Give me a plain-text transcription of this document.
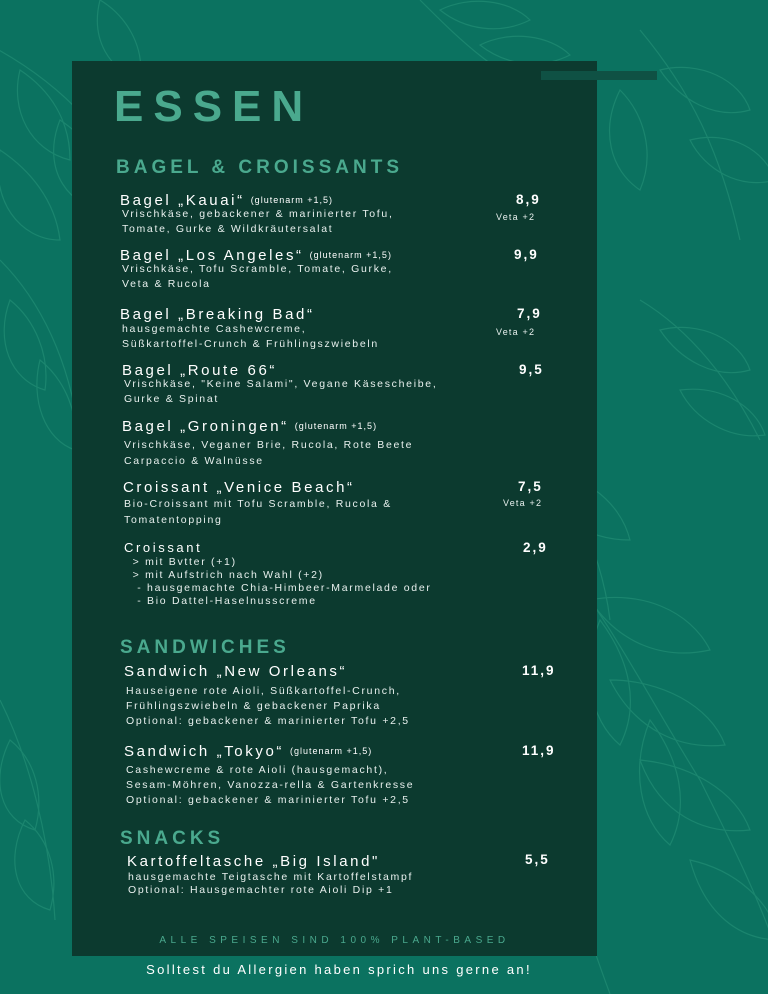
ESSEN
BAGEL & CROISSANTS
Bagel „Kauai“ (glutenarm +1,5)
Vrischkäse, gebackener & marinierter Tofu,
Tomate, Gurke & Wildkräutersalat
8,9
Veta +2
Bagel „Los Angeles“ (glutenarm +1,5)
Vrischkäse, Tofu Scramble, Tomate, Gurke,
Veta & Rucola
9,9
Bagel „Breaking Bad“
hausgemachte Cashewcreme,
Süßkartoffel-Crunch & Frühlingszwiebeln
7,9
Veta +2
Bagel „Route 66“
Vrischkäse, "Keine Salami", Vegane Käsescheibe,
Gurke & Spinat
9,5
Bagel „Groningen“ (glutenarm +1,5)
Vrischkäse, Veganer Brie, Rucola, Rote Beete
Carpaccio & Walnüsse
Croissant „Venice Beach“
Bio-Croissant mit Tofu Scramble, Rucola &
Tomatentopping
7,5
Veta +2
Croissant
> mit Bvtter (+1)
> mit Aufstrich nach Wahl (+2)
- hausgemachte Chia-Himbeer-Marmelade oder
- Bio Dattel-Haselnusscreme
2,9
SANDWICHES
Sandwich „New Orleans“
Hauseigene rote Aioli, Süßkartoffel-Crunch,
Frühlingszwiebeln & gebackener Paprika
Optional: gebackener & marinierter Tofu +2,5
11,9
Sandwich „Tokyo“ (glutenarm +1,5)
Cashewcreme & rote Aioli (hausgemacht),
Sesam-Möhren, Vanozza-rella & Gartenkresse
Optional: gebackener & marinierter Tofu +2,5
11,9
SNACKS
Kartoffeltasche „Big Island"
hausgemachte Teigtasche mit Kartoffelstampf
Optional: Hausgemachter rote Aioli Dip +1
5,5
ALLE SPEISEN SIND 100% PLANT-BASED
Solltest du Allergien haben sprich uns gerne an!
